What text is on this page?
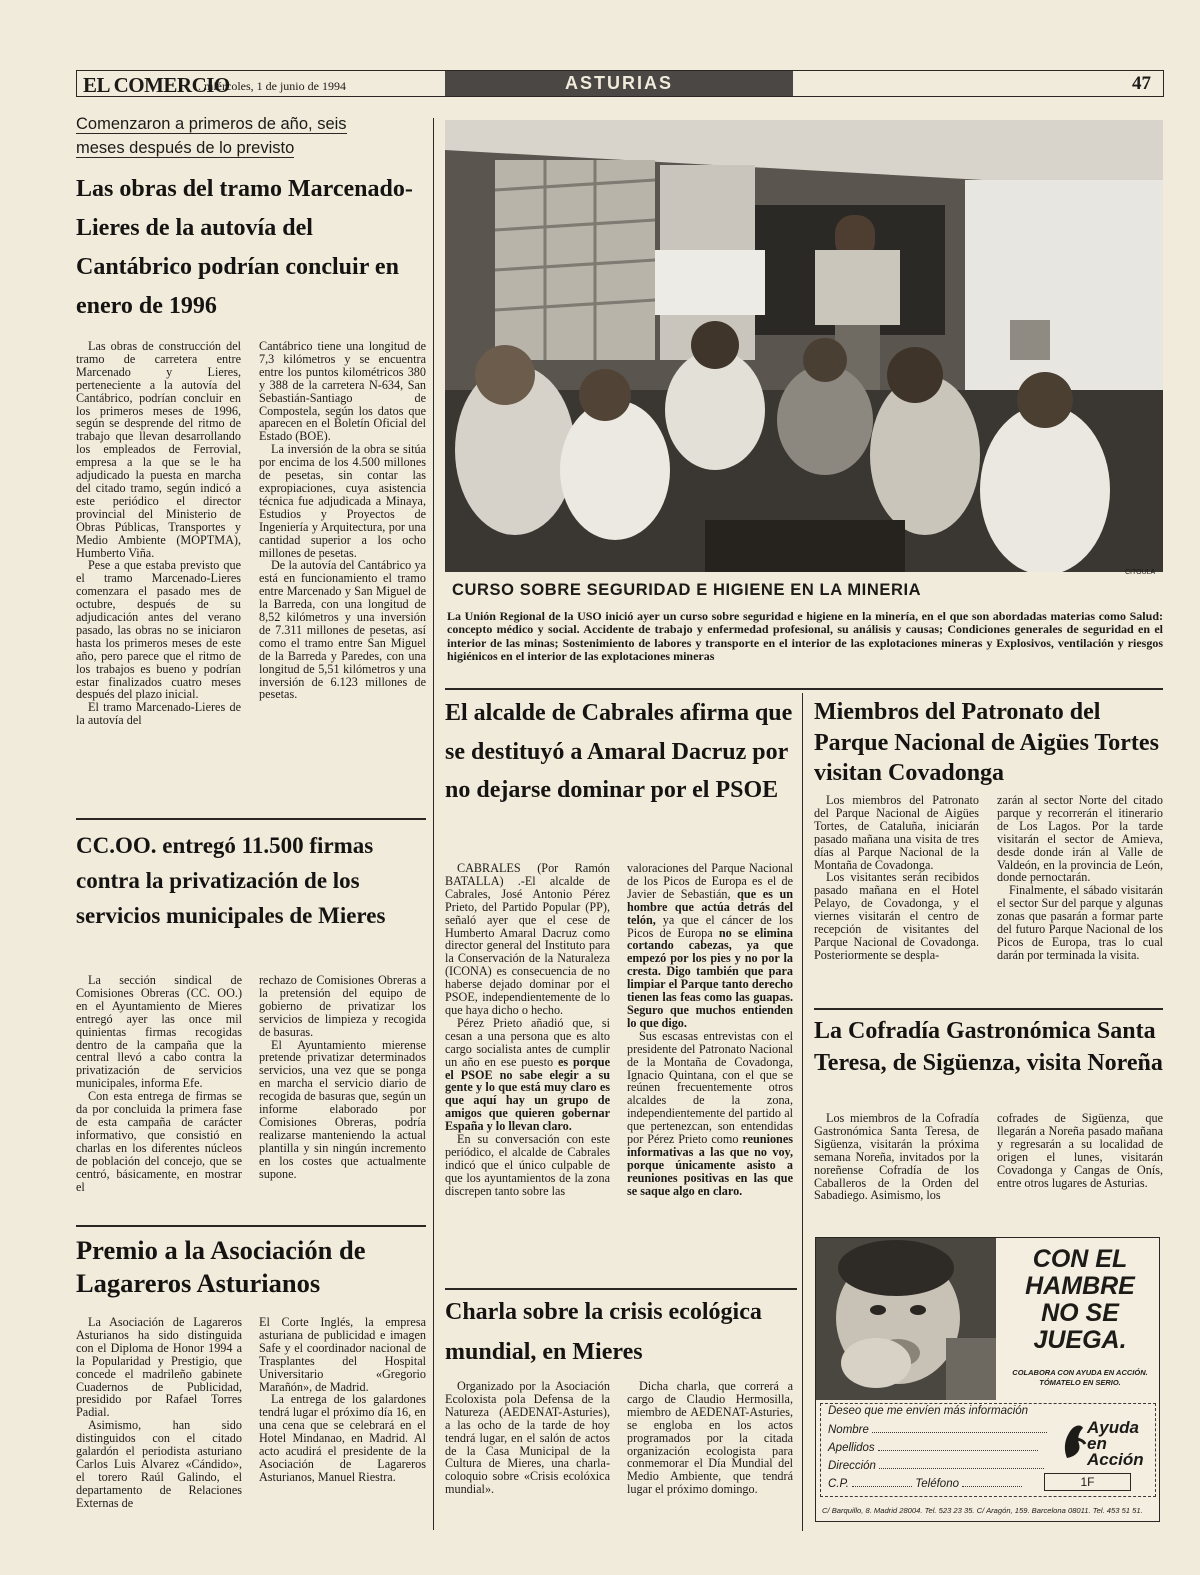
EL COMERCIO
. miércoles, 1 de junio de 1994	ASTURIAS	47
Comenzaron a primeros de año, seis meses después de lo previsto
Las obras del tramo Marcenado-Lieres de la autovía del Cantábrico podrían concluir en enero de 1996

Las obras de construcción del tramo de carretera entre Marcenado y Lieres, perteneciente a la autovía del Cantábrico, podrían concluir en los primeros meses de 1996, según se desprende del ritmo de trabajo que llevan desarrollando los empleados de Ferrovial, empresa a la que se le ha adjudicado la puesta en marcha del citado tramo, según indicó a este periódico el director provincial del Ministerio de Obras Públicas, Transportes y Medio Ambiente (MOPTMA), Humberto Viña.

Pese a que estaba previsto que el tramo Marcenado-Lieres comenzara el pasado mes de octubre, después de su adjudicación antes del verano pasado, las obras no se iniciaron hasta los primeros meses de este año, pero parece que el ritmo de los trabajos es bueno y podrían estar finalizados cuatro meses después del plazo inicial.

El tramo Marcenado-Lieres de la autovía del

Cantábrico tiene una longitud de 7,3 kilómetros y se encuentra entre los puntos kilométricos 380 y 388 de la carretera N-634, San Sebastián-Santiago de Compostela, según los datos que aparecen en el Boletín Oficial del Estado (BOE).

La inversión de la obra se sitúa por encima de los 4.500 millones de pesetas, sin contar las expropiaciones, cuya asistencia técnica fue adjudicada a Minaya, Estudios y Proyectos de Ingeniería y Arquitectura, por una cantidad superior a los ocho millones de pesetas.

De la autovía del Cantábrico ya está en funcionamiento el tramo entre Marcenado y San Miguel de la Barreda, con una longitud de 8,52 kilómetros y una inversión de 7.311 millones de pesetas, así como el tramo entre San Miguel de la Barreda y Paredes, con una longitud de 5,51 kilómetros y una inversión de 6.123 millones de pesetas.

CITOULA
CURSO SOBRE SEGURIDAD E HIGIENE EN LA MINERIA
La Unión Regional de la USO inició ayer un curso sobre seguridad e higiene en la minería, en el que son abordadas materias como Salud: concepto médico y social. Accidente de trabajo y enfermedad profesional, su análisis y causas; Condiciones generales de seguridad en el interior de las minas; Sostenimiento de labores y transporte en el interior de las explotaciones mineras y Explosivos, ventilación y riesgos higiénicos en el interior de las explotaciones mineras
CC.OO. entregó 11.500 firmas contra la privatización de los servicios municipales de Mieres

La sección sindical de Comisiones Obreras (CC. OO.) en el Ayuntamiento de Mieres entregó ayer las once mil quinientas firmas recogidas dentro de la campaña que la central llevó a cabo contra la privatización de servicios municipales, informa Efe.

Con esta entrega de firmas se da por concluida la primera fase de esta campaña de carácter informativo, que consistió en charlas en los diferentes núcleos de población del concejo, que se centró, básicamente, en mostrar el

rechazo de Comisiones Obreras a la pretensión del equipo de gobierno de privatizar los servicios de limpieza y recogida de basuras.

El Ayuntamiento mierense pretende privatizar determinados servicios, una vez que se ponga en marcha el servicio diario de recogida de basuras que, según un informe elaborado por Comisiones Obreras, podría realizarse manteniendo la actual plantilla y sin ningún incremento en los costes que actualmente supone.

Premio a la Asociación de Lagareros Asturianos

La Asociación de Lagareros Asturianos ha sido distinguida con el Diploma de Honor 1994 a la Popularidad y Prestigio, que concede el madrileño gabinete Cuadernos de Publicidad, presidido por Rafael Torres Padial.

Asimismo, han sido distinguidos con el citado galardón el periodista asturiano Carlos Luis Alvarez «Cándido», el torero Raúl Galindo, el departamento de Relaciones Externas de

El Corte Inglés, la empresa asturiana de publicidad e imagen Safe y el coordinador nacional de Trasplantes del Hospital Universitario «Gregorio Marañón», de Madrid.

La entrega de los galardones tendrá lugar el próximo día 16, en una cena que se celebrará en el Hotel Mindanao, en Madrid. Al acto acudirá el presidente de la Asociación de Lagareros Asturianos, Manuel Riestra.

El alcalde de Cabrales afirma que se destituyó a Amaral Dacruz por no dejarse dominar por el PSOE

CABRALES (Por Ramón BATALLA) .-El alcalde de Cabrales, José Antonio Pérez Prieto, del Partido Popular (PP), señaló ayer que el cese de Humberto Amaral Dacruz como director general del Instituto para la Conservación de la Naturaleza (ICONA) es consecuencia de no haberse dejado dominar por el PSOE, independientemente de lo que haya dicho o hecho.

Pérez Prieto añadió que, si cesan a una persona que es alto cargo socialista antes de cumplir un año en ese puesto es porque el PSOE no sabe elegir a su gente y lo que está muy claro es que aquí hay un grupo de amigos que quieren gobernar España y lo llevan claro.

En su conversación con este periódico, el alcalde de Cabrales indicó que el único culpable de que los ayuntamientos de la zona discrepen tanto sobre las

valoraciones del Parque Nacional de los Picos de Europa es el de Javier de Sebastián, que es un hombre que actúa detrás del telón, ya que el cáncer de los Picos de Europa no se elimina cortando cabezas, ya que empezó por los pies y no por la cresta. Digo también que para limpiar el Parque tanto derecho tienen las feas como las guapas. Seguro que muchos entienden lo que digo.

Sus escasas entrevistas con el presidente del Patronato Nacional de la Montaña de Covadonga, Ignacio Quintana, con el que se reúnen frecuentemente otros alcaldes de la zona, independientemente del partido al que pertenezcan, son entendidas por Pérez Prieto como reuniones informativas a las que no voy, porque únicamente asisto a reuniones positivas en las que se saque algo en claro.

Charla sobre la crisis ecológica mundial, en Mieres

Organizado por la Asociación Ecoloxista pola Defensa de la Natureza (AEDENAT-Asturies), a las ocho de la tarde de hoy tendrá lugar, en el salón de actos de la Casa Municipal de la Cultura de Mieres, una charla-coloquio sobre «Crisis ecolóxica mundial».

Dicha charla, que correrá a cargo de Claudio Hermosilla, miembro de AEDENAT-Asturies, se engloba en los actos programados por la citada organización ecologista para conmemorar el Día Mundial del Medio Ambiente, que tendrá lugar el próximo domingo.

Miembros del Patronato del Parque Nacional de Aigües Tortes visitan Covadonga

Los miembros del Patronato del Parque Nacional de Aigües Tortes, de Cataluña, iniciarán pasado mañana una visita de tres días al Parque Nacional de la Montaña de Covadonga.

Los visitantes serán recibidos pasado mañana en el Hotel Pelayo, de Covadonga, y el viernes visitarán el centro de recepción de visitantes del Parque Nacional de Covadonga. Posteriormente se despla-

zarán al sector Norte del citado parque y recorrerán el itinerario de Los Lagos. Por la tarde visitarán el sector de Amieva, desde donde irán al Valle de Valdeón, en la provincia de León, donde pernoctarán.

Finalmente, el sábado visitarán el sector Sur del parque y algunas zonas que pasarán a formar parte del futuro Parque Nacional de los Picos de Europa, tras lo cual darán por terminada la visita.

La Cofradía Gastronómica Santa Teresa, de Sigüenza, visita Noreña

Los miembros de la Cofradía Gastronómica Santa Teresa, de Sigüenza, visitarán la próxima semana Noreña, invitados por la noreñense Cofradía de los Caballeros de la Orden del Sabadiego. Asimismo, los

cofrades de Sigüenza, que llegarán a Noreña pasado mañana y regresarán a su localidad de origen el lunes, visitarán Covadonga y Cangas de Onís, entre otros lugares de Asturias.

CON EL HAMBRE NO SE JUEGA.
COLABORA CON AYUDA EN ACCIÓN. TÓMATELO EN SERIO.
Deseo que me envíen más información
Nombre
Apellidos
Dirección
C.P.	Teléfono
Ayuda en Acción
1F
C/ Barquillo, 8. Madrid 28004. Tel. 523 23 35. C/ Aragón, 159. Barcelona 08011. Tel. 453 51 51.
